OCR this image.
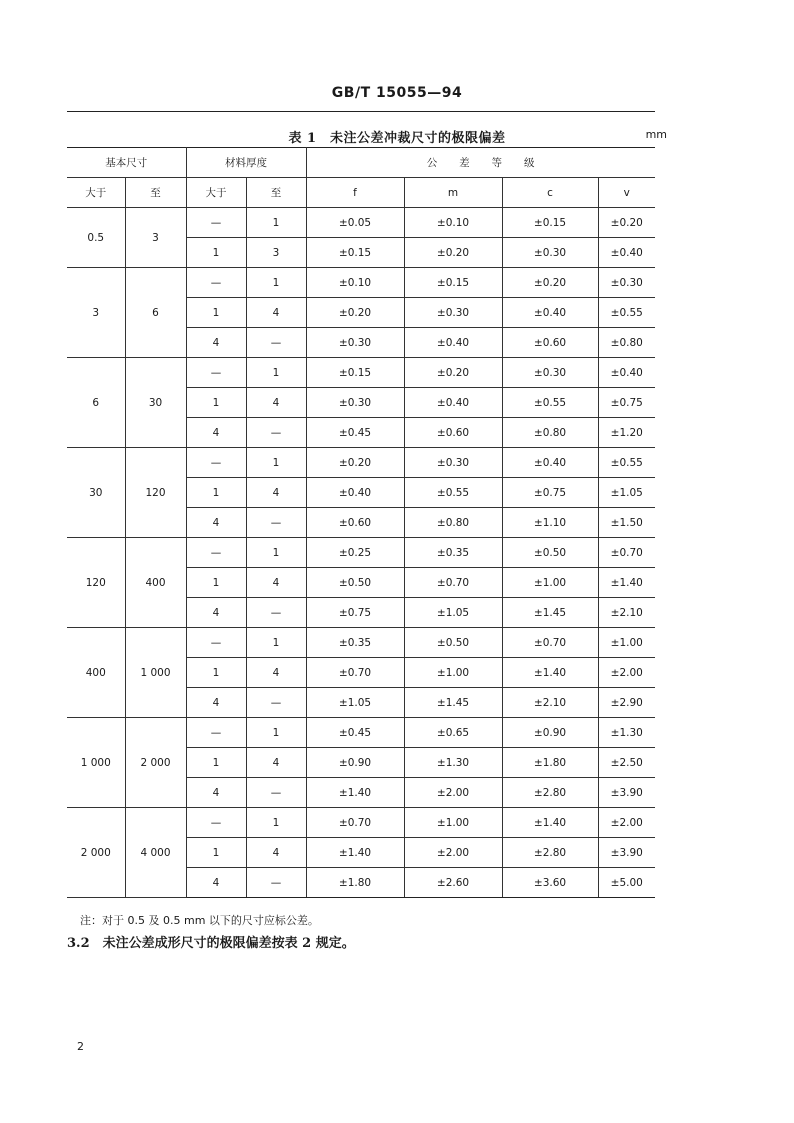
GB/T 15055—94
表 1　未注公差冲裁尺寸的极限偏差	mm
基本尺寸		材料厚度		公　　差　　等　　级			
大于	至	大于	至	f	m	c	v
0.5	3	—	1	±0.05	±0.10	±0.15	±0.20
		1	3	±0.15	±0.20	±0.30	±0.40
3	6	—	1	±0.10	±0.15	±0.20	±0.30
		1	4	±0.20	±0.30	±0.40	±0.55
		4	—	±0.30	±0.40	±0.60	±0.80
6	30	—	1	±0.15	±0.20	±0.30	±0.40
		1	4	±0.30	±0.40	±0.55	±0.75
		4	—	±0.45	±0.60	±0.80	±1.20
30	120	—	1	±0.20	±0.30	±0.40	±0.55
		1	4	±0.40	±0.55	±0.75	±1.05
		4	—	±0.60	±0.80	±1.10	±1.50
120	400	—	1	±0.25	±0.35	±0.50	±0.70
		1	4	±0.50	±0.70	±1.00	±1.40
		4	—	±0.75	±1.05	±1.45	±2.10
400	1 000	—	1	±0.35	±0.50	±0.70	±1.00
		1	4	±0.70	±1.00	±1.40	±2.00
		4	—	±1.05	±1.45	±2.10	±2.90
1 000	2 000	—	1	±0.45	±0.65	±0.90	±1.30
		1	4	±0.90	±1.30	±1.80	±2.50
		4	—	±1.40	±2.00	±2.80	±3.90
2 000	4 000	—	1	±0.70	±1.00	±1.40	±2.00
		1	4	±1.40	±2.00	±2.80	±3.90
		4	—	±1.80	±2.60	±3.60	±5.00
注：对于 0.5 及 0.5 mm 以下的尺寸应标公差。
3.2　未注公差成形尺寸的极限偏差按表 2 规定。
2
